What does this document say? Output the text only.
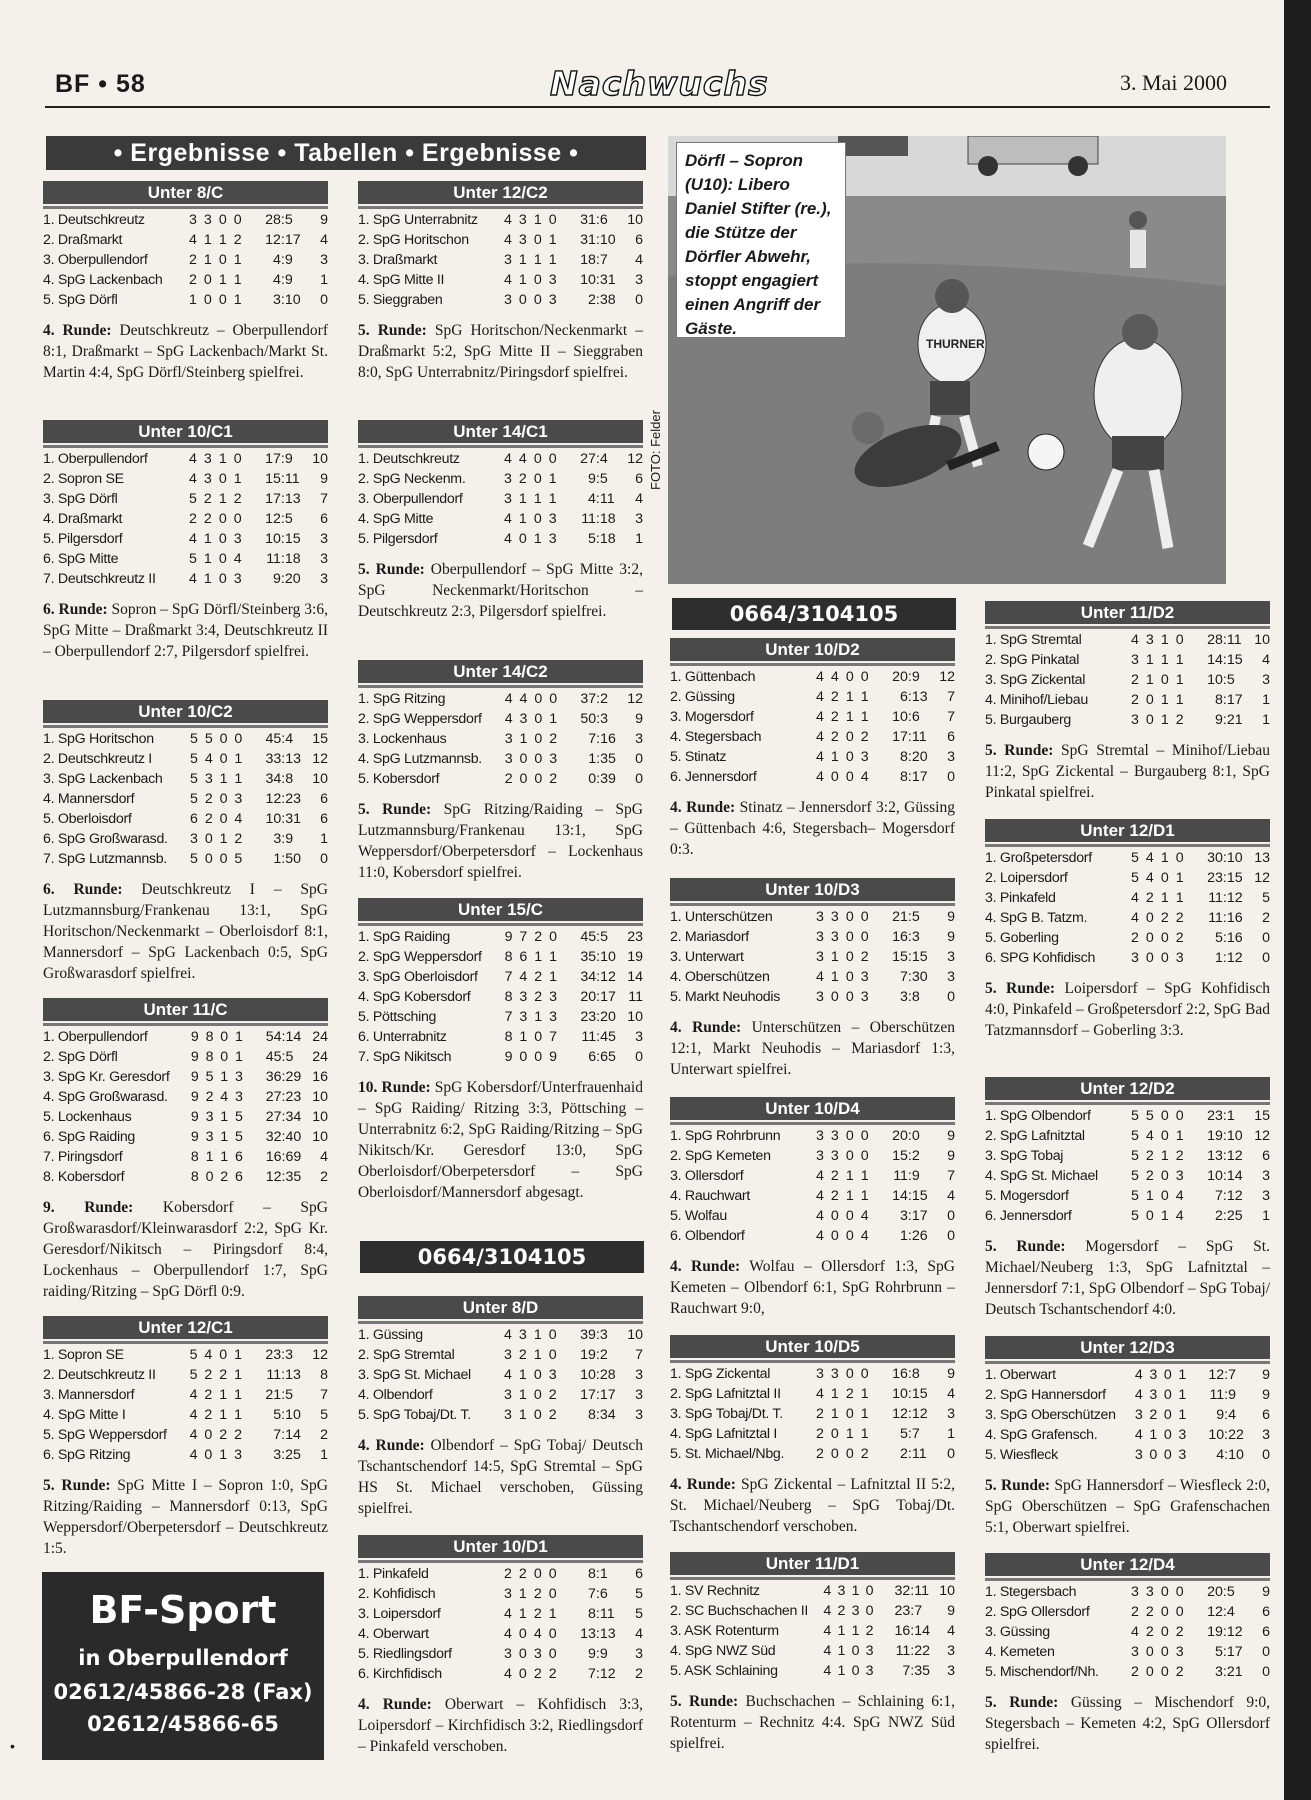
BF • 58	Nachwuchs	3. Mai 2000
• Ergebnisse • Tabellen • Ergebnisse •
Unter 8/C
1. Deutschkreutz	3	3	0	0	28:	5	9
2. Draßmarkt	4	1	1	2	12:	17	4
3. Oberpullendorf	2	1	0	1	4:	9	3
4. SpG Lackenbach	2	0	1	1	4:	9	1
5. SpG Dörfl	1	0	0	1	3:	10	0
4. Runde: Deutschkreutz – Oberpullendorf 8:1, Draßmarkt – SpG Lackenbach/Markt St. Martin 4:4, SpG Dörfl/Steinberg spielfrei.
Unter 10/C1
1. Oberpullendorf	4	3	1	0	17:	9	10
2. Sopron SE	4	3	0	1	15:	11	9
3. SpG Dörfl	5	2	1	2	17:	13	7
4. Draßmarkt	2	2	0	0	12:	5	6
5. Pilgersdorf	4	1	0	3	10:	15	3
6. SpG Mitte	5	1	0	4	11:	18	3
7. Deutschkreutz II	4	1	0	3	9:	20	3
6. Runde: Sopron – SpG Dörfl/Steinberg 3:6, SpG Mitte – Draßmarkt 3:4, Deutschkreutz II – Oberpullendorf 2:7, Pilgersdorf spielfrei.
Unter 10/C2
1. SpG Horitschon	5	5	0	0	45:	4	15
2. Deutschkreutz I	5	4	0	1	33:	13	12
3. SpG Lackenbach	5	3	1	1	34:	8	10
4. Mannersdorf	5	2	0	3	12:	23	6
5. Oberloisdorf	6	2	0	4	10:	31	6
6. SpG Großwarasd.	3	0	1	2	3:	9	1
7. SpG Lutzmannsb.	5	0	0	5	1:	50	0
6. Runde: Deutschkreutz I – SpG Lutzmannsburg/Frankenau 13:1, SpG Horitschon/Neckenmarkt – Oberloisdorf 8:1, Mannersdorf – SpG Lackenbach 0:5, SpG Großwarasdorf spielfrei.
Unter 11/C
1. Oberpullendorf	9	8	0	1	54:	14	24
2. SpG Dörfl	9	8	0	1	45:	5	24
3. SpG Kr. Geresdorf	9	5	1	3	36:	29	16
4. SpG Großwarasd.	9	2	4	3	27:	23	10
5. Lockenhaus	9	3	1	5	27:	34	10
6. SpG Raiding	9	3	1	5	32:	40	10
7. Piringsdorf	8	1	1	6	16:	69	4
8. Kobersdorf	8	0	2	6	12:	35	2
9. Runde: Kobersdorf – SpG Großwarasdorf/Kleinwarasdorf 2:2, SpG Kr. Geresdorf/Nikitsch – Piringsdorf 8:4, Lockenhaus – Oberpullendorf 1:7, SpG raiding/Ritzing – SpG Dörfl 0:9.
Unter 12/C1
1. Sopron SE	5	4	0	1	23:	3	12
2. Deutschkreutz II	5	2	2	1	11:	13	8
3. Mannersdorf	4	2	1	1	21:	5	7
4. SpG Mitte I	4	2	1	1	5:	10	5
5. SpG Weppersdorf	4	0	2	2	7:	14	2
6. SpG Ritzing	4	0	1	3	3:	25	1
5. Runde: SpG Mitte I – Sopron 1:0, SpG Ritzing/Raiding – Mannersdorf 0:13, SpG Weppersdorf/Oberpetersdorf – Deutschkreutz 1:5.
Unter 12/C2
1. SpG Unterrabnitz	4	3	1	0	31:	6	10
2. SpG Horitschon	4	3	0	1	31:	10	6
3. Draßmarkt	3	1	1	1	18:	7	4
4. SpG Mitte II	4	1	0	3	10:	31	3
5. Sieggraben	3	0	0	3	2:	38	0
5. Runde: SpG Horitschon/Neckenmarkt – Draßmarkt 5:2, SpG Mitte II – Sieggraben 8:0, SpG Unterrabnitz/Piringsdorf spielfrei.
Unter 14/C1
1. Deutschkreutz	4	4	0	0	27:	4	12
2. SpG Neckenm.	3	2	0	1	9:	5	6
3. Oberpullendorf	3	1	1	1	4:	11	4
4. SpG Mitte	4	1	0	3	11:	18	3
5. Pilgersdorf	4	0	1	3	5:	18	1
5. Runde: Oberpullendorf – SpG Mitte 3:2, SpG Neckenmarkt/Horitschon – Deutschkreutz 2:3, Pilgersdorf spielfrei.
Unter 14/C2
1. SpG Ritzing	4	4	0	0	37:	2	12
2. SpG Weppersdorf	4	3	0	1	50:	3	9
3. Lockenhaus	3	1	0	2	7:	16	3
4. SpG Lutzmannsb.	3	0	0	3	1:	35	0
5. Kobersdorf	2	0	0	2	0:	39	0
5. Runde: SpG Ritzing/Raiding – SpG Lutzmannsburg/Frankenau 13:1, SpG Weppersdorf/Oberpetersdorf – Lockenhaus 11:0, Kobersdorf spielfrei.
Unter 15/C
1. SpG Raiding	9	7	2	0	45:	5	23
2. SpG Weppersdorf	8	6	1	1	35:	10	19
3. SpG Oberloisdorf	7	4	2	1	34:	12	14
4. SpG Kobersdorf	8	3	2	3	20:	17	11
5. Pöttsching	7	3	1	3	23:	20	10
6. Unterrabnitz	8	1	0	7	11:	45	3
7. SpG Nikitsch	9	0	0	9	6:	65	0
10. Runde: SpG Kobersdorf/Unterfrauenhaid – SpG Raiding/ Ritzing 3:3, Pöttsching – Unterrabnitz 6:2, SpG Raiding/Ritzing – SpG Nikitsch/Kr. Geresdorf 13:0, SpG Oberloisdorf/Oberpetersdorf – SpG Oberloisdorf/Mannersdorf abgesagt.
Unter 8/D
1. Güssing	4	3	1	0	39:	3	10
2. SpG Stremtal	3	2	1	0	19:	2	7
3. SpG St. Michael	4	1	0	3	10:	28	3
4. Olbendorf	3	1	0	2	17:	17	3
5. SpG Tobaj/Dt. T.	3	1	0	2	8:	34	3
4. Runde: Olbendorf – SpG Tobaj/ Deutsch Tschantschendorf 14:5, SpG Stremtal – SpG HS St. Michael verschoben, Güssing spielfrei.
Unter 10/D1
1. Pinkafeld	2	2	0	0	8:	1	6
2. Kohfidisch	3	1	2	0	7:	6	5
3. Loipersdorf	4	1	2	1	8:	11	5
4. Oberwart	4	0	4	0	13:	13	4
5. Riedlingsdorf	3	0	3	0	9:	9	3
6. Kirchfidisch	4	0	2	2	7:	12	2
4. Runde: Oberwart – Kohfidisch 3:3, Loipersdorf – Kirchfidisch 3:2, Riedlingsdorf – Pinkafeld verschoben.
Unter 10/D2
1. Güttenbach	4	4	0	0	20:	9	12
2. Güssing	4	2	1	1	6:	13	7
3. Mogersdorf	4	2	1	1	10:	6	7
4. Stegersbach	4	2	0	2	17:	11	6
5. Stinatz	4	1	0	3	8:	20	3
6. Jennersdorf	4	0	0	4	8:	17	0
4. Runde: Stinatz – Jennersdorf 3:2, Güssing – Güttenbach 4:6, Stegersbach– Mogersdorf 0:3.
Unter 10/D3
1. Unterschützen	3	3	0	0	21:	5	9
2. Mariasdorf	3	3	0	0	16:	3	9
3. Unterwart	3	1	0	2	15:	15	3
4. Oberschützen	4	1	0	3	7:	30	3
5. Markt Neuhodis	3	0	0	3	3:	8	0
4. Runde: Unterschützen – Oberschützen 12:1, Markt Neuhodis – Mariasdorf 1:3, Unterwart spielfrei.
Unter 10/D4
1. SpG Rohrbrunn	3	3	0	0	20:	0	9
2. SpG Kemeten	3	3	0	0	15:	2	9
3. Ollersdorf	4	2	1	1	11:	9	7
4. Rauchwart	4	2	1	1	14:	15	4
5. Wolfau	4	0	0	4	3:	17	0
6. Olbendorf	4	0	0	4	1:	26	0
4. Runde: Wolfau – Ollersdorf 1:3, SpG Kemeten – Olbendorf 6:1, SpG Rohrbrunn – Rauchwart 9:0,
Unter 10/D5
1. SpG Zickental	3	3	0	0	16:	8	9
2. SpG Lafnitztal II	4	1	2	1	10:	15	4
3. SpG Tobaj/Dt. T.	2	1	0	1	12:	12	3
4. SpG Lafnitztal I	2	0	1	1	5:	7	1
5. St. Michael/Nbg.	2	0	0	2	2:	11	0
4. Runde: SpG Zickental – Lafnitztal II 5:2, St. Michael/Neuberg – SpG Tobaj/Dt. Tschantschendorf verschoben.
Unter 11/D1
1. SV Rechnitz	4	3	1	0	32:	11	10
2. SC Buchschachen II	4	2	3	0	23:	7	9
3. ASK Rotenturm	4	1	1	2	16:	14	4
4. SpG NWZ Süd	4	1	0	3	11:	22	3
5. ASK Schlaining	4	1	0	3	7:	35	3
5. Runde: Buchschachen – Schlaining 6:1, Rotenturm – Rechnitz 4:4. SpG NWZ Süd spielfrei.
Unter 11/D2
1. SpG Stremtal	4	3	1	0	28:	11	10
2. SpG Pinkatal	3	1	1	1	14:	15	4
3. SpG Zickental	2	1	0	1	10:	5	3
4. Minihof/Liebau	2	0	1	1	8:	17	1
5. Burgauberg	3	0	1	2	9:	21	1
5. Runde: SpG Stremtal – Minihof/Liebau 11:2, SpG Zickental – Burgauberg 8:1, SpG Pinkatal spielfrei.
Unter 12/D1
1. Großpetersdorf	5	4	1	0	30:	10	13
2. Loipersdorf	5	4	0	1	23:	15	12
3. Pinkafeld	4	2	1	1	11:	12	5
4. SpG B. Tatzm.	4	0	2	2	11:	16	2
5. Goberling	2	0	0	2	5:	16	0
6. SPG Kohfidisch	3	0	0	3	1:	12	0
5. Runde: Loipersdorf – SpG Kohfidisch 4:0, Pinkafeld – Großpetersdorf 2:2, SpG Bad Tatzmannsdorf – Goberling 3:3.
Unter 12/D2
1. SpG Olbendorf	5	5	0	0	23:	1	15
2. SpG Lafnitztal	5	4	0	1	19:	10	12
3. SpG Tobaj	5	2	1	2	13:	12	6
4. SpG St. Michael	5	2	0	3	10:	14	3
5. Mogersdorf	5	1	0	4	7:	12	3
6. Jennersdorf	5	0	1	4	2:	25	1
5. Runde: Mogersdorf – SpG St. Michael/Neuberg 1:3, SpG Lafnitztal – Jennersdorf 7:1, SpG Olbendorf – SpG Tobaj/ Deutsch Tschantschendorf 4:0.
Unter 12/D3
1. Oberwart	4	3	0	1	12:	7	9
2. SpG Hannersdorf	4	3	0	1	11:	9	9
3. SpG Oberschützen	3	2	0	1	9:	4	6
4. SpG Grafensch.	4	1	0	3	10:	22	3
5. Wiesfleck	3	0	0	3	4:	10	0
5. Runde: SpG Hannersdorf – Wiesfleck 2:0, SpG Oberschützen – SpG Grafenschachen 5:1, Oberwart spielfrei.
Unter 12/D4
1. Stegersbach	3	3	0	0	20:	5	9
2. SpG Ollersdorf	2	2	0	0	12:	4	6
3. Güssing	4	2	0	2	19:	12	6
4. Kemeten	3	0	0	3	5:	17	0
5. Mischendorf/Nh.	2	0	0	2	3:	21	0
5. Runde: Güssing – Mischendorf 9:0, Stegersbach – Kemeten 4:2, SpG Ollersdorf spielfrei.
THURNER
Dörfl – Sopron (U10): Libero Daniel Stifter (re.), die Stütze der Dörfler Abwehr, stoppt engagiert einen Angriff der Gäste.
FOTO: Felder
0664/3104105
0664/3104105
BF-Sport
in Oberpullendorf
02612/45866-28 (Fax)
02612/45866-65
•
